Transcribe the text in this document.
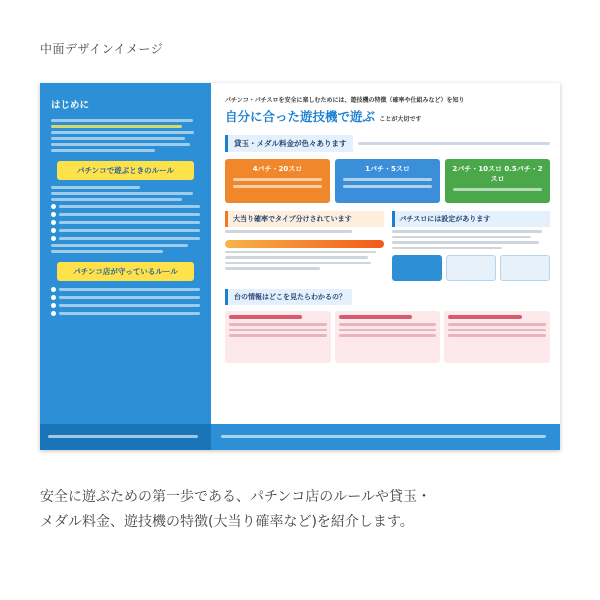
中面デザインイメージ
はじめに
パチンコで遊ぶときのルール
パチンコ店が守っているルール
パチンコ・パチスロを安全に楽しむためには、遊技機の特徴（確率や仕組みなど）を知り
自分に合った遊技機で遊ぶ ことが大切です
貸玉・メダル料金が色々あります
4パチ・20スロ	1パチ・5スロ	2パチ・10スロ 0.5パチ・2スロ
大当り確率でタイプ分けされています	パチスロには設定があります
台の情報はどこを見たらわかるの？
安全に遊ぶための第一歩である、パチンコ店のルールや貸玉・
メダル料金、遊技機の特徴(大当り確率など)を紹介します。
